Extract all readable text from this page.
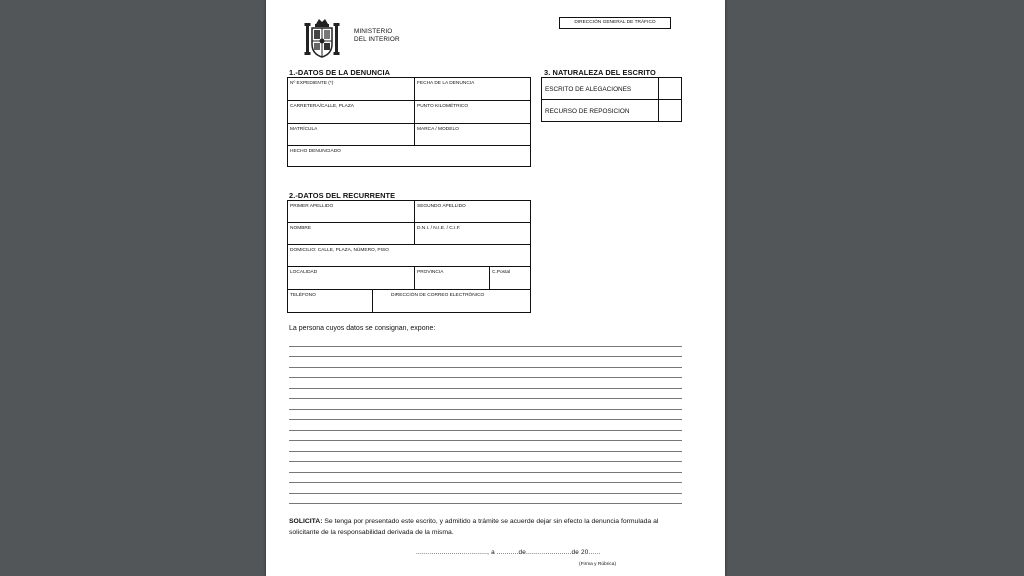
MINISTERIO
DEL INTERIOR
DIRECCIÓN GENERAL DE TRÁFICO
1.-DATOS DE LA DENUNCIA
Nº EXPEDIENTE (*)	FECHA DE LA DENUNCIA
CARRETERA/CALLE, PLAZA	PUNTO KILOMÉTRICO
MATRÍCULA	MARCA / MODELO
HECHO DENUNCIADO
3. NATURALEZA DEL ESCRITO
ESCRITO DE ALEGACIONES
RECURSO DE REPOSICION
2.-DATOS DEL RECURRENTE
PRIMER APELLIDO	SEGUNDO APELLIDO
NOMBRE	D.N.I. / N.I.E. / C.I.F.
DOMICILIO: CALLE, PLAZA, NÚMERO, PISO
LOCALIDAD	PROVINCIA	C.Postal
TELÉFONO	DIRECCIÓN DE CORREO ELECTRÓNICO
La persona cuyos datos se consignan, expone:
SOLICITA: Se tenga por presentado este escrito, y admitido a trámite se acuerde dejar sin efecto la denuncia formulada al solicitante de la responsabilidad derivada de la misma.
...................................., a ...........de.......................de 20......
(Firma y Rúbrica)
